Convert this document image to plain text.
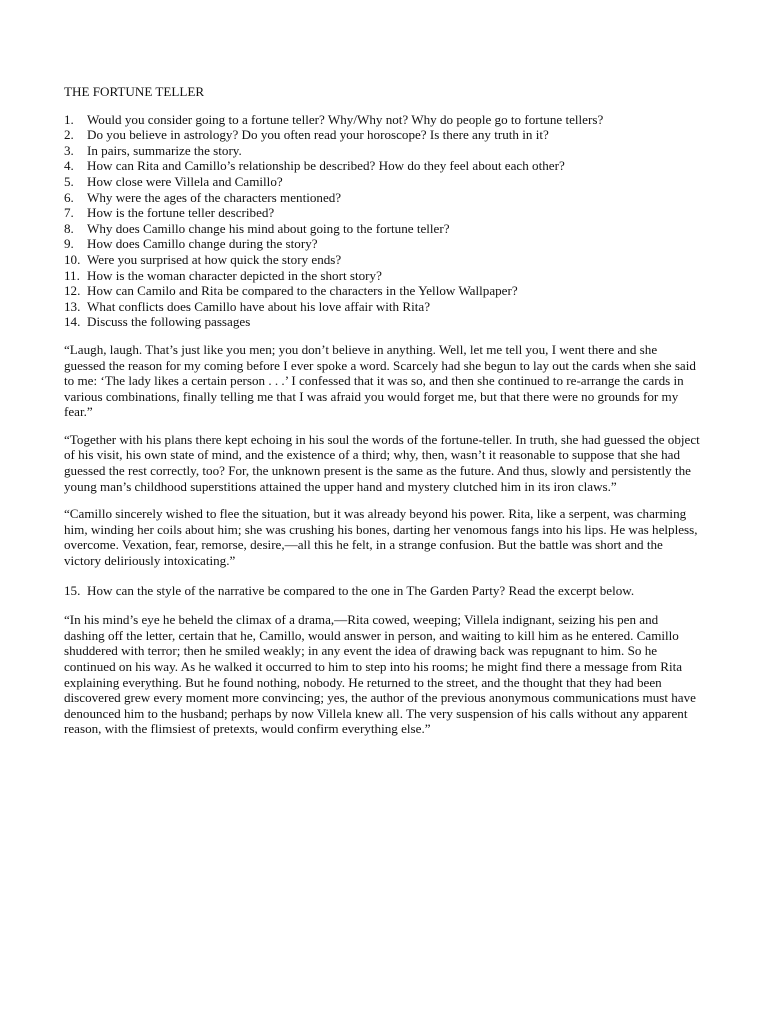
THE FORTUNE TELLER
1.	Would you consider going to a fortune teller? Why/Why not? Why do people go to fortune tellers?
2.	Do you believe in astrology? Do you often read your horoscope? Is there any truth in it?
3.	In pairs, summarize the story.
4.	How can Rita and Camillo’s relationship be described? How do they feel about each other?
5.	How close were Villela and Camillo?
6.	Why were the ages of the characters mentioned?
7.	How is the fortune teller described?
8.	Why does Camillo change his mind about going to the fortune teller?
9.	How does Camillo change during the story?
10. Were you surprised at how quick the story ends?
11. How is the woman character depicted in the short story?
12. How can Camilo and Rita be compared to the characters in the Yellow Wallpaper?
13. What conflicts does Camillo have about his love affair with Rita?
14. Discuss the following passages

“Laugh, laugh. That’s just like you men; you don’t believe in anything. Well, let me tell you, I went there and she guessed the reason for my coming before I ever spoke a word. Scarcely had she begun to lay out the cards when she said to me: ‘The lady likes a certain person . . .’ I confessed that it was so, and then she continued to re-arrange the cards in various combinations, finally telling me that I was afraid you would forget me, but that there were no grounds for my fear.”

“Together with his plans there kept echoing in his soul the words of the fortune-teller. In truth, she had guessed the object of his visit, his own state of mind, and the existence of a third; why, then, wasn’t it reasonable to suppose that she had guessed the rest correctly, too? For, the unknown present is the same as the future. And thus, slowly and persistently the young man’s childhood superstitions attained the upper hand and mystery clutched him in its iron claws.”

“Camillo sincerely wished to flee the situation, but it was already beyond his power. Rita, like a serpent, was charming him, winding her coils about him; she was crushing his bones, darting her venomous fangs into his lips. He was helpless, overcome. Vexation, fear, remorse, desire,—all this he felt, in a strange confusion. But the battle was short and the victory deliriously intoxicating.”

15. How can the style of the narrative be compared to the one in The Garden Party? Read the excerpt below.

“In his mind’s eye he beheld the climax of a drama,—Rita cowed, weeping; Villela indignant, seizing his pen and dashing off the letter, certain that he, Camillo, would answer in person, and waiting to kill him as he entered. Camillo shuddered with terror; then he smiled weakly; in any event the idea of drawing back was repugnant to him. So he continued on his way. As he walked it occurred to him to step into his rooms; he might find there a message from Rita explaining everything. But he found nothing, nobody. He returned to the street, and the thought that they had been discovered grew every moment more convincing; yes, the author of the previous anonymous communications must have denounced him to the husband; perhaps by now Villela knew all. The very suspension of his calls without any apparent reason, with the flimsiest of pretexts, would confirm everything else.”
